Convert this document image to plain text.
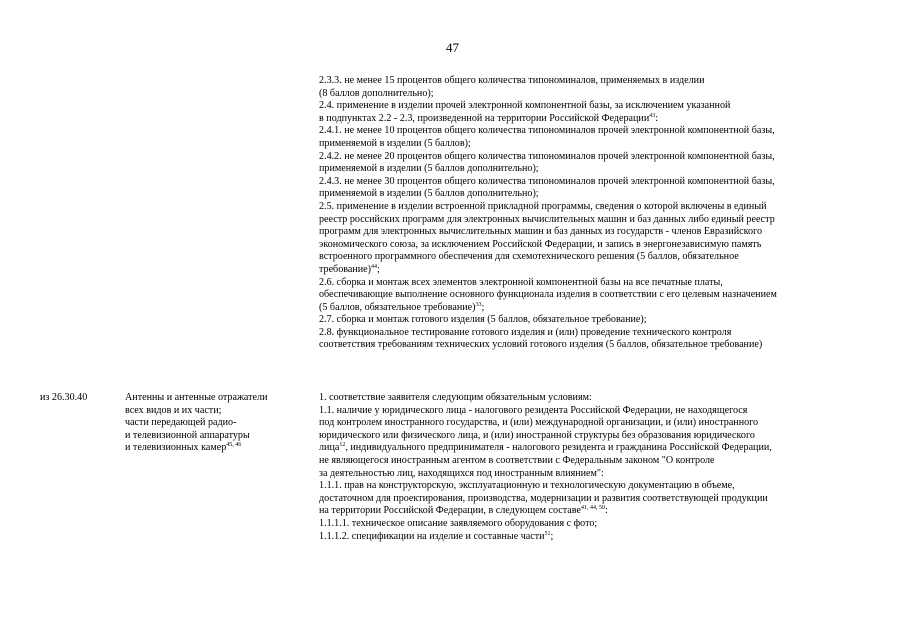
47
2.3.3. не менее 15 процентов общего количества типономиналов, применяемых в изделии
(8 баллов дополнительно);
2.4. применение в изделии прочей электронной компонентной базы, за исключением указанной
в подпунктах 2.2 - 2.3, произведенной на территории Российской Федерации$^{43}$:
2.4.1. не менее 10 процентов общего количества типономиналов прочей электронной компонентной базы,
применяемой в изделии (5 баллов);
2.4.2. не менее 20 процентов общего количества типономиналов прочей электронной компонентной базы,
применяемой в изделии (5 баллов дополнительно);
2.4.3. не менее 30 процентов общего количества типономиналов прочей электронной компонентной базы,
применяемой в изделии (5 баллов дополнительно);
2.5. применение в изделии встроенной прикладной программы, сведения о которой включены в единый
реестр российских программ для электронных вычислительных машин и баз данных либо единый реестр
программ для электронных вычислительных машин и баз данных из государств - членов Евразийского
экономического союза, за исключением Российской Федерации, и запись в энергонезависимую память
встроенного программного обеспечения для схемотехнического решения (5 баллов, обязательное
требование)$^{44}$;
2.6. сборка и монтаж всех элементов электронной компонентной базы на все печатные платы,
обеспечивающие выполнение основного функционала изделия в соответствии с его целевым назначением
(5 баллов, обязательное требование)$^{33}$;
2.7. сборка и монтаж готового изделия (5 баллов, обязательное требование);
2.8. функциональное тестирование готового изделия и (или) проведение технического контроля
соответствия требованиям технических условий готового изделия (5 баллов, обязательное требование)
из 26.30.40	Антенны и антенные отражатели
всех видов и их части;
части передающей радио-
и телевизионной аппаратуры
и телевизионных камер$^{45, 46}$
1. соответствие заявителя следующим обязательным условиям:
1.1. наличие у юридического лица - налогового резидента Российской Федерации, не находящегося
под контролем иностранного государства, и (или) международной организации, и (или) иностранного
юридического или физического лица, и (или) иностранной структуры без образования юридического
лица$^{12}$, индивидуального предпринимателя - налогового резидента и гражданина Российской Федерации,
не являющегося иностранным агентом в соответствии с Федеральным законом "О контроле
за деятельностью лиц, находящихся под иностранным влиянием":
1.1.1. прав на конструкторскую, эксплуатационную и технологическую документацию в объеме,
достаточном для проектирования, производства, модернизации и развития соответствующей продукции
на территории Российской Федерации, в следующем составе$^{41, 44, 50}$:
1.1.1.1. техническое описание заявляемого оборудования с фото;
1.1.1.2. спецификации на изделие и составные части$^{51}$;
